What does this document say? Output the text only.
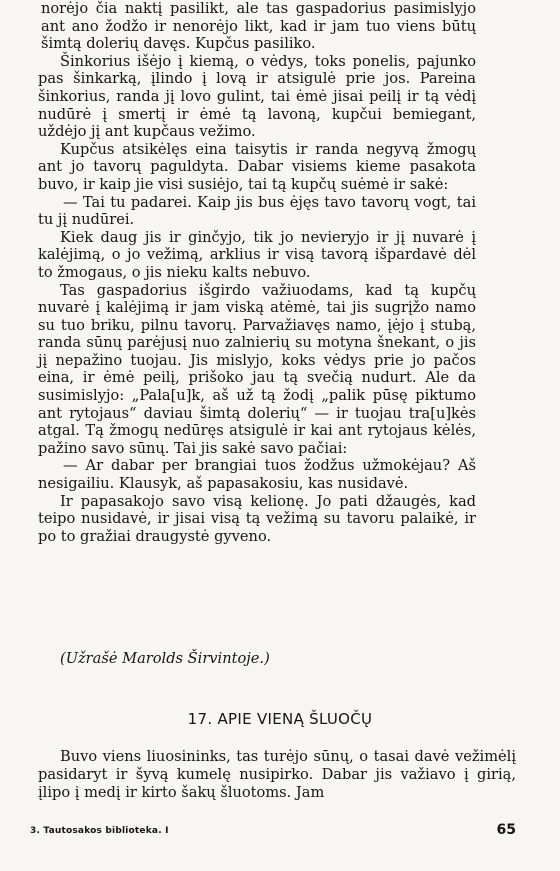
norėjo čia naktį pasilikt, ale tas gaspadorius pasimislyjo ant ano žodžo ir nenorėjo likt, kad ir jam tuo viens būtų šimtą dolerių davęs. Kupčus pasiliko.

Šinkorius išėjo į kiemą, o vėdys, toks ponelis, pajunko pas šinkarką, įlindo į lovą ir atsigulė prie jos. Pareina šinkorius, randa jį lovo gulint, tai ėmė jisai peilį ir tą vėdį nudūrė į smertį ir ėmė tą lavoną, kupčui bemiegant, uždėjo jį ant kupčaus vežimo.

Kupčus atsikėlęs eina taisytis ir randa negyvą žmogų ant jo tavorų paguldyta. Dabar visiems kieme pasakota buvo, ir kaip jie visi susiėjo, tai tą kupčų suėmė ir sakė:

— Tai tu padarei. Kaip jis bus ėjęs tavo tavorų vogt, tai tu jį nudūrei.

Kiek daug jis ir ginčyjo, tik jo nevieryjo ir jį nuvarė į kalėjimą, o jo vežimą, arklius ir visą tavorą išpardavė dėl to žmogaus, o jis nieku kalts nebuvo.

Tas gaspadorius išgirdo važiuodams, kad tą kupčų nuvarė į kalėjimą ir jam viską atėmė, tai jis sugrįžo namo su tuo briku, pilnu tavorų. Parvažiavęs namo, įėjo į stubą, randa sūnų parėjusį nuo zalnierių su motyna šnekant, o jis jį nepažino tuojau. Jis mislyjo, koks vėdys prie jo pačos eina, ir ėmė peilį, prišoko jau tą svečią nudurt. Ale da susimislyjo: „Pala[u]k, aš už tą žodį „palik pūsę piktumo ant rytojaus“ daviau šimtą dolerių“ — ir tuojau tra[u]kės atgal. Tą žmogų nedūręs atsigulė ir kai ant rytojaus kėlės, pažino savo sūnų. Tai jis sakė savo pačiai:

— Ar dabar per brangiai tuos žodžus užmokėjau? Aš nesigailiu. Klausyk, aš papasakosiu, kas nusidavė.

Ir papasakojo savo visą kelionę. Jo pati džaugės, kad teipo nusidavė, ir jisai visą tą vežimą su tavoru palaikė, ir po to gražiai draugystė gyveno.

(Užrašė Marolds Širvintoje.)
17. APIE VIENĄ ŠLUOČŲ

Buvo viens liuosininks, tas turėjo sūnų, o tasai davė vežimėlį pasidaryt ir šyvą kumelę nusipirko. Dabar jis važiavo į girią, įlipo į medį ir kirto šakų šluotoms. Jam

3. Tautosakos biblioteka. I	65
